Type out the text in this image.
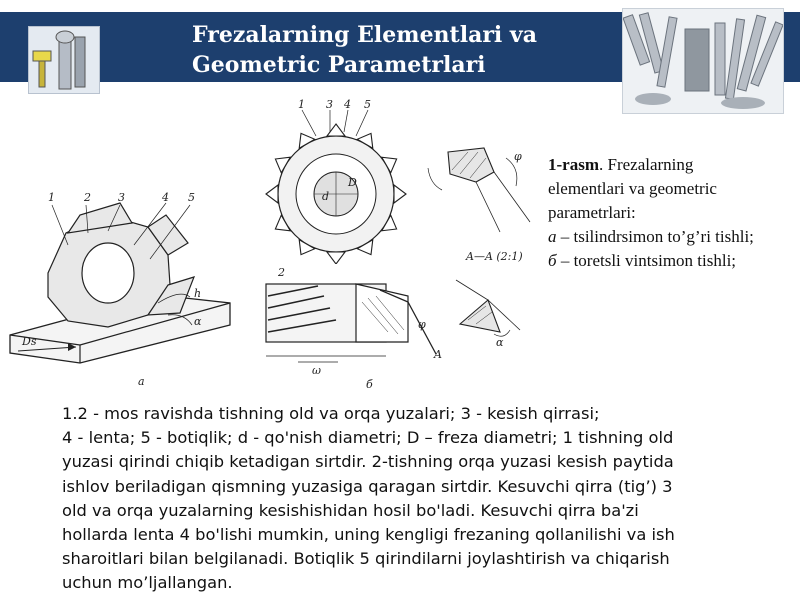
Frezalarning Elementlari va
Geometric Parametrlari
1	2 3	4 5
Ds
h
α
а
1 3 4 5
d
D
2
ω
φ
A
б
φ
A—A (2:1)
α
1-rasm. Frezalarning
elementlari va geometric
parametrlari:
а – tsilindrsimon to’g’ri tishli;
б – toretsli vintsimon tishli;
1.2 - mos ravishda tishning old va orqa yuzalari; 3 - kesish qirrasi;
4 - lenta; 5 - botiqlik; d - qo'nish diametri; D – freza diametri; 1 tishning old
yuzasi qirindi chiqib ketadigan sirtdir. 2-tishning orqa yuzasi kesish paytida
ishlov beriladigan qismning yuzasiga qaragan sirtdir. Kesuvchi qirra (tig’) 3
old va orqa yuzalarning kesishishidan hosil bo'ladi. Kesuvchi qirra ba'zi
hollarda lenta 4 bo'lishi mumkin, uning kengligi frezaning qollanilishi va ish
sharoitlari bilan belgilanadi. Botiqlik 5 qirindilarni joylashtirish va chiqarish
uchun mo’ljallangan.
